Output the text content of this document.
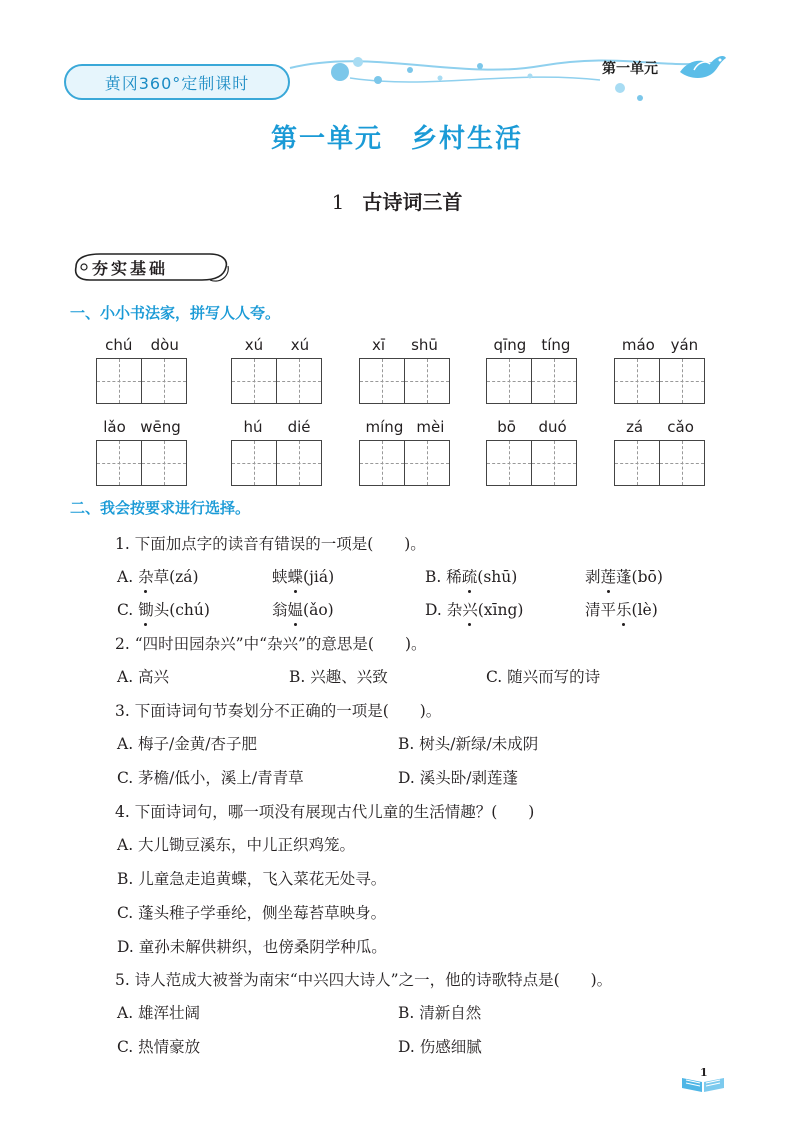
黄冈360°定制课时
第一单元
第一单元　乡村生活
1 古诗词三首
夯实基础
一、小小书法家，拼写人人夸。
chú dòu	xú xú	xī shū	qīng tíng	máo yán
lǎo wēng	hú dié	míng mèi	bō duó	zá cǎo
二、我会按要求进行选择。
1. 下面加点字的读音有错误的一项是(　　)。
A. 杂草(zá)	蛱蝶(jiá)	B. 稀疏(shū)	剥莲蓬(bō)
C. 锄头(chú)	翁媪(ǎo)	D. 杂兴(xīng)	清平乐(lè)
2. “四时田园杂兴”中“杂兴”的意思是(　　)。
A. 高兴	B. 兴趣、兴致	C. 随兴而写的诗
3. 下面诗词句节奏划分不正确的一项是(　　)。
A. 梅子/金黄/杏子肥	B. 树头/新绿/未成阴
C. 茅檐/低小，溪上/青青草	D. 溪头卧/剥莲蓬
4. 下面诗词句，哪一项没有展现古代儿童的生活情趣？(　　)
A. 大儿锄豆溪东，中儿正织鸡笼。
B. 儿童急走追黄蝶，飞入菜花无处寻。
C. 蓬头稚子学垂纶，侧坐莓苔草映身。
D. 童孙未解供耕织，也傍桑阴学种瓜。
5. 诗人范成大被誉为南宋“中兴四大诗人”之一，他的诗歌特点是(　　)。
A. 雄浑壮阔	B. 清新自然
C. 热情豪放	D. 伤感细腻
1
